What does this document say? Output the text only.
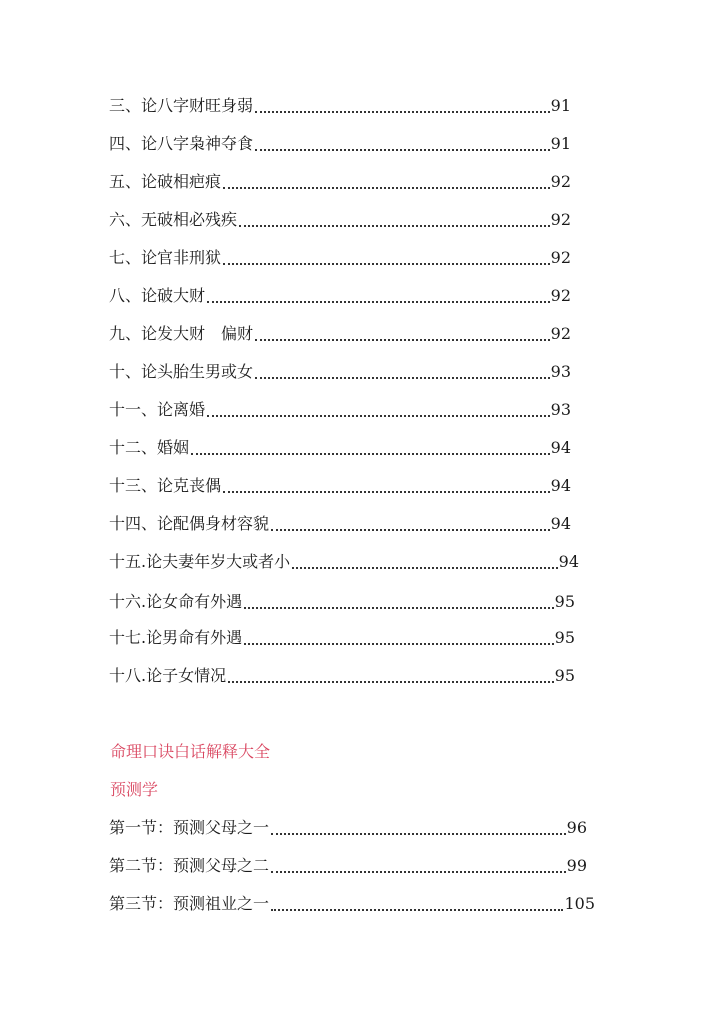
三、论八字财旺身弱	91
四、论八字枭神夺食	91
五、论破相疤痕	92
六、无破相必残疾	92
七、论官非刑狱	92
八、论破大财	92
九、论发大财　偏财	92
十、论头胎生男或女	93
十一、论离婚	93
十二、婚姻	94
十三、论克丧偶	94
十四、论配偶身材容貌	94
十五.论夫妻年岁大或者小	94
十六.论女命有外遇	95
十七.论男命有外遇	95
十八.论子女情况	95
命理口诀白话解释大全
预测学
第一节：预测父母之一	96
第二节：预测父母之二	99
第三节：预测祖业之一	105
